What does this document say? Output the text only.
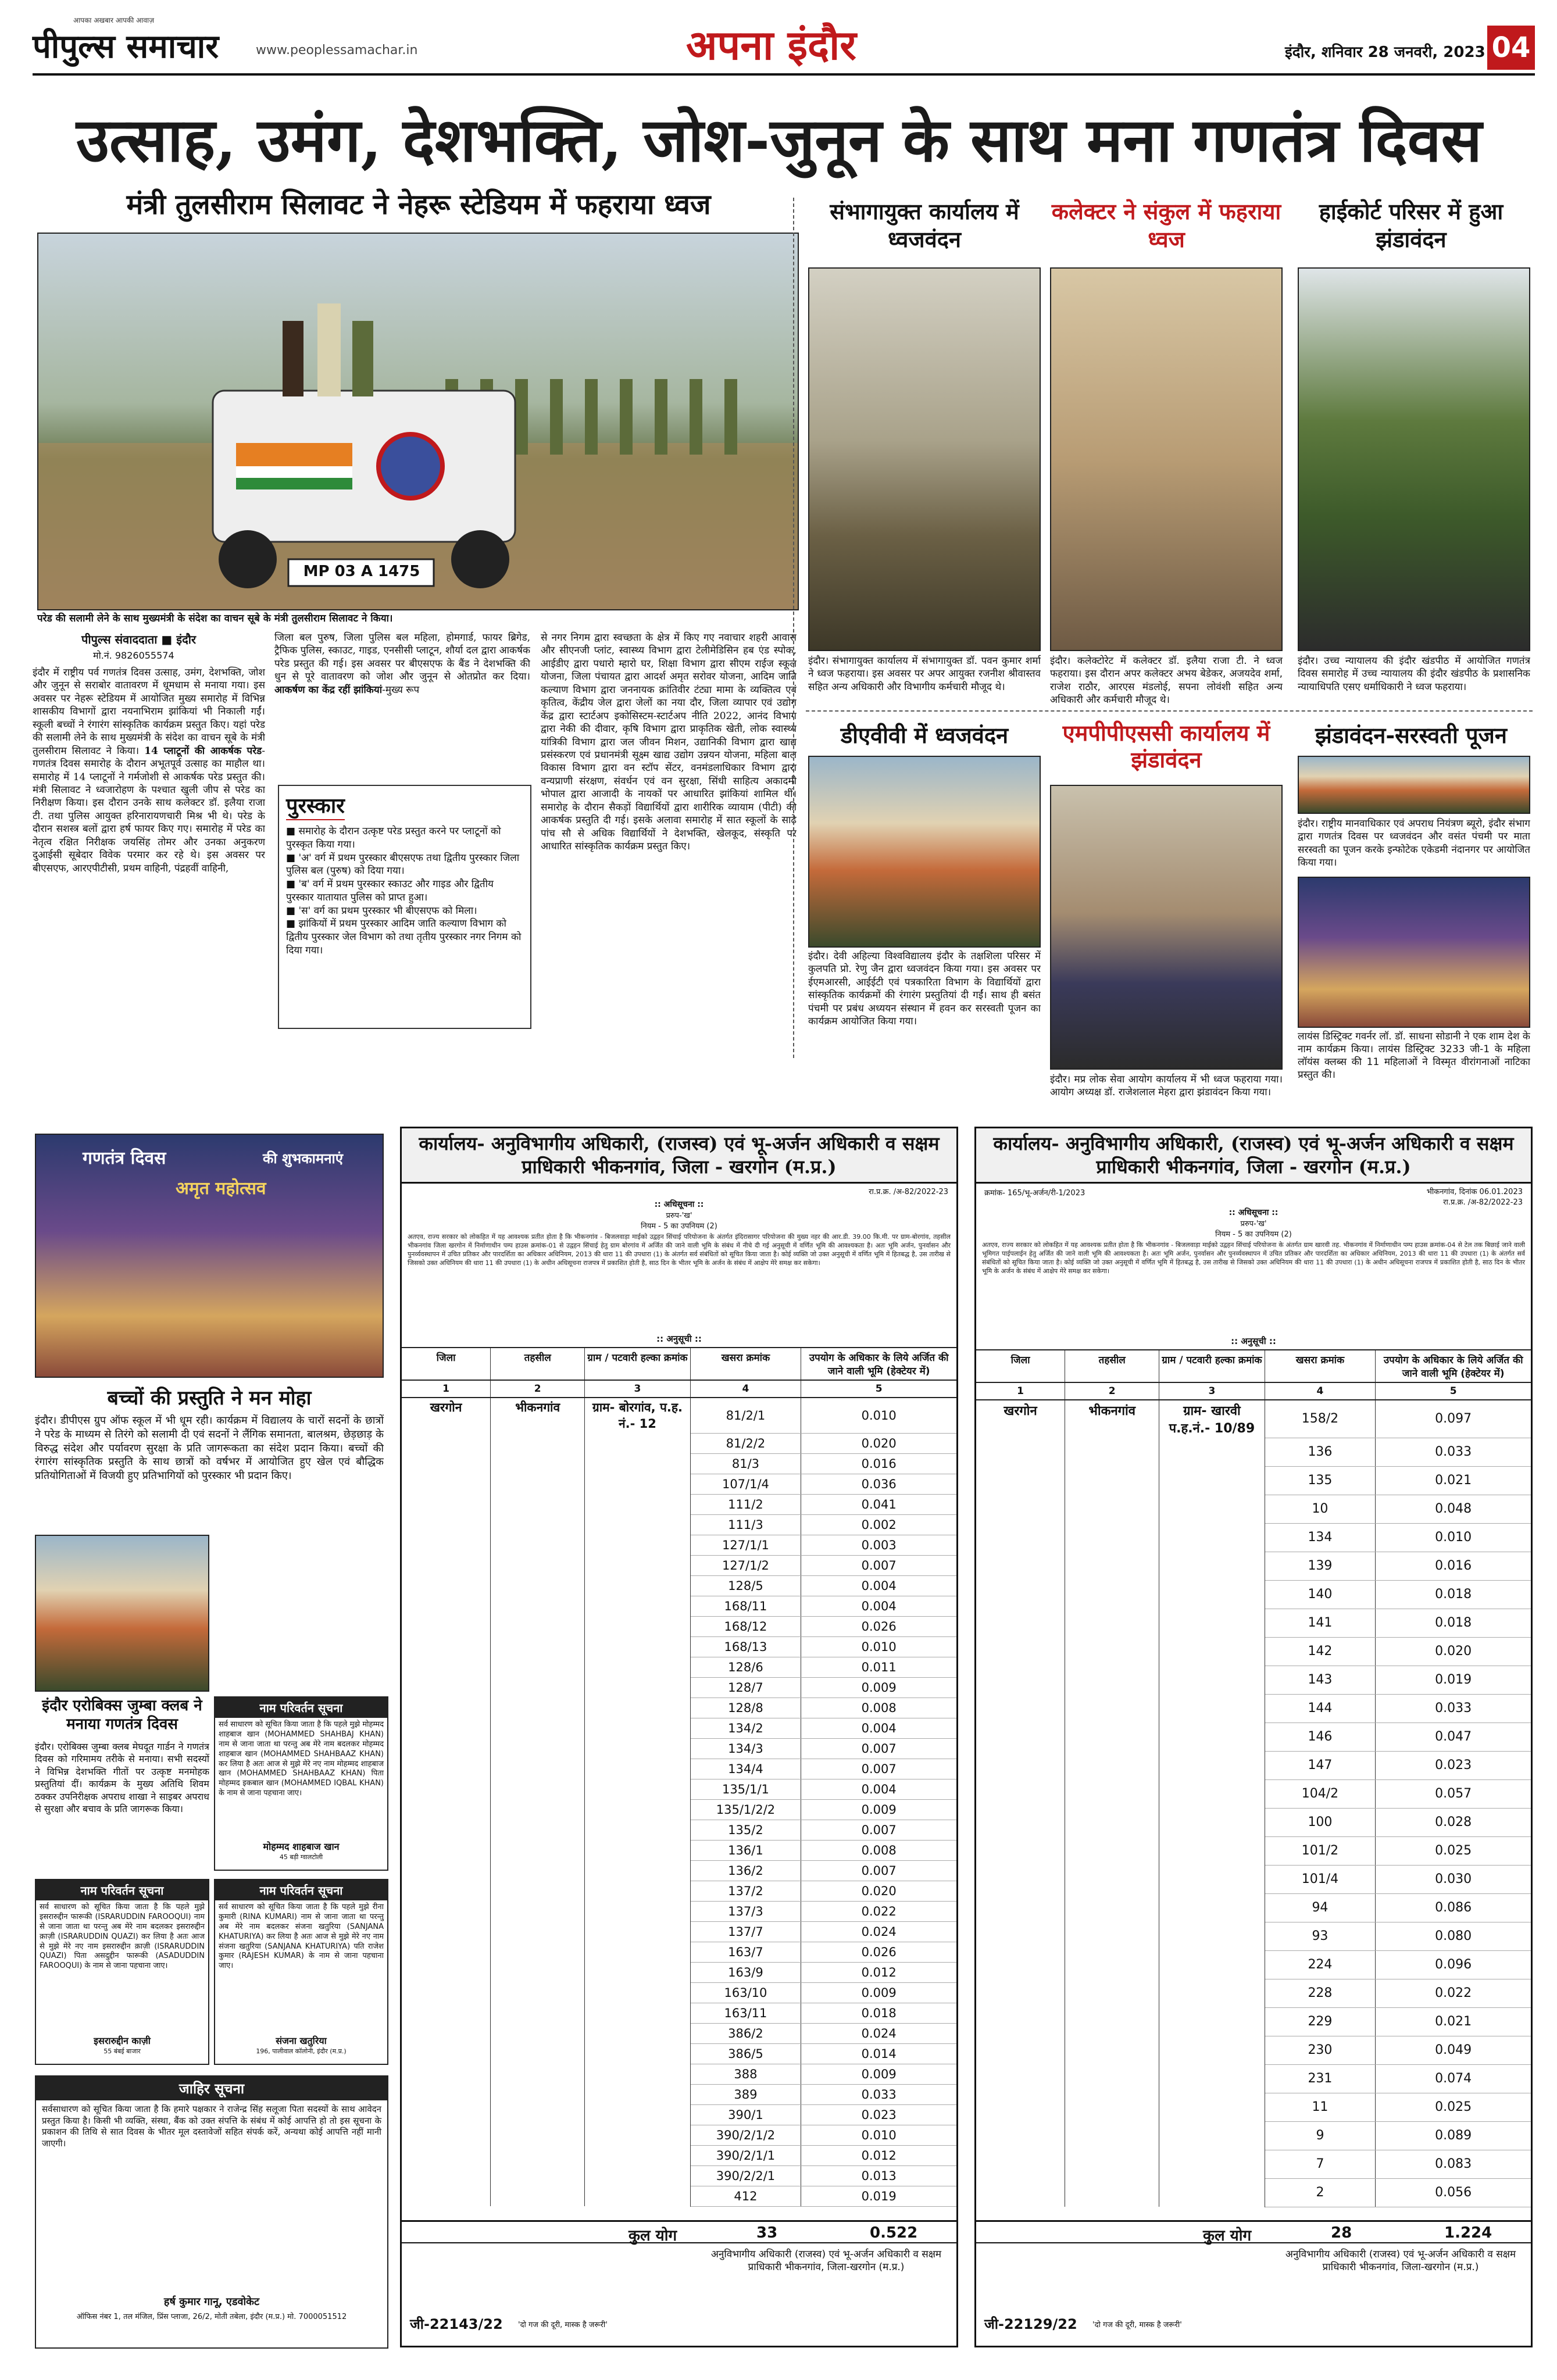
आपका अखबार आपकी आवाज़
पीपुल्स समाचार	www.peoplessamachar.in	अपना इंदौर	इंदौर, शनिवार 28 जनवरी, 2023 04
उत्साह, उमंग, देशभक्ति, जोश-जुनून के साथ मना गणतंत्र दिवस
मंत्री तुलसीराम सिलावट ने नेहरू स्टेडियम में फहराया ध्वज
MP 03 A 1475
परेड की सलामी लेने के साथ मुख्यमंत्री के संदेश का वाचन सूबे के मंत्री तुलसीराम सिलावट ने किया।
पीपुल्स संवाददाता ■ इंदौर
मो.नं. 9826055574
इंदौर में राष्ट्रीय पर्व गणतंत्र दिवस उत्साह, उमंग, देशभक्ति, जोश और जुनून से सराबोर वातावरण में धूमधाम से मनाया गया। इस अवसर पर नेहरू स्टेडियम में आयोजित मुख्य समारोह में विभिन्न शासकीय विभागों द्वारा नयनाभिराम झांकियां भी निकाली गईं। स्कूली बच्चों ने रंगारंग सांस्कृतिक कार्यक्रम प्रस्तुत किए। यहां परेड की सलामी लेने के साथ मुख्यमंत्री के संदेश का वाचन सूबे के मंत्री तुलसीराम सिलावट ने किया। 14 प्लाटूनों की आकर्षक परेड- गणतंत्र दिवस समारोह के दौरान अभूतपूर्व उत्साह का माहौल था। समारोह में 14 प्लाटूनों ने गर्मजोशी से आकर्षक परेड प्रस्तुत की। मंत्री सिलावट ने ध्वजारोहण के पश्चात खुली जीप से परेड का निरीक्षण किया। इस दौरान उनके साथ कलेक्टर डॉ. इलैया राजा टी. तथा पुलिस आयुक्त हरिनारायणचारी मिश्र भी थे। परेड के दौरान सशस्त्र बलों द्वारा हर्ष फायर किए गए। समारोह में परेड का नेतृत्व रक्षित निरीक्षक जयसिंह तोमर और उनका अनुकरण दुआईसी सूबेदार विवेक परमार कर रहे थे। इस अवसर पर बीएसएफ, आरएपीटीसी, प्रथम वाहिनी, पंद्रहवीं वाहिनी,
जिला बल पुरुष, जिला पुलिस बल महिला, होमगार्ड, फायर ब्रिगेड, ट्रैफिक पुलिस, स्काउट, गाइड, एनसीसी प्लाटून, शौर्या दल द्वारा आकर्षक परेड प्रस्तुत की गई। इस अवसर पर बीएसएफ के बैंड ने देशभक्ति की धुन से पूरे वातावरण को जोश और जुनून से ओतप्रोत कर दिया। आकर्षण का केंद्र रहीं झांकियां-मुख्य रूप
पुरस्कार
■ समारोह के दौरान उत्कृष्ट परेड प्रस्तुत करने पर प्लाटूनों को पुरस्कृत किया गया।
■ 'अ' वर्ग में प्रथम पुरस्कार बीएसएफ तथा द्वितीय पुरस्कार जिला पुलिस बल (पुरुष) को दिया गया।
■ 'ब' वर्ग में प्रथम पुरस्कार स्काउट और गाइड और द्वितीय पुरस्कार यातायात पुलिस को प्राप्त हुआ।
■ 'स' वर्ग का प्रथम पुरस्कार भी बीएसएफ को मिला।
■ झांकियों में प्रथम पुरस्कार आदिम जाति कल्याण विभाग को द्वितीय पुरस्कार जेल विभाग को तथा तृतीय पुरस्कार नगर निगम को दिया गया।
से नगर निगम द्वारा स्वच्छता के क्षेत्र में किए गए नवाचार शहरी आवास और सीएनजी प्लांट, स्वास्थ्य विभाग द्वारा टेलीमेडिसिन हब एंड स्पोक, आईडीए द्वारा पधारो म्हारो घर, शिक्षा विभाग द्वारा सीएम राईज स्कूल योजना, जिला पंचायत द्वारा आदर्श अमृत सरोवर योजना, आदिम जाति कल्याण विभाग द्वारा जननायक क्रांतिवीर टंट्या मामा के व्यक्तित्व एवं कृतित्व, केंद्रीय जेल द्वारा जेलों का नया दौर, जिला व्यापार एवं उद्योग केंद्र द्वारा स्टार्टअप इकोसिस्टम-स्टार्टअप नीति 2022, आनंद विभाग द्वारा नेकी की दीवार, कृषि विभाग द्वारा प्राकृतिक खेती, लोक स्वास्थ्य यांत्रिकी विभाग द्वारा जल जीवन मिशन, उद्यानिकी विभाग द्वारा खाद्य प्रसंस्करण एवं प्रधानमंत्री सूक्ष्म खाद्य उद्योग उन्नयन योजना, महिला बाल विकास विभाग द्वारा वन स्टॉप सेंटर, वनमंडलाधिकार विभाग द्वारा वन्यप्राणी संरक्षण, संवर्धन एवं वन सुरक्षा, सिंधी साहित्य अकादमी भोपाल द्वारा आजादी के नायकों पर आधारित झांकियां शामिल थीं। समारोह के दौरान सैकड़ों विद्यार्थियों द्वारा शारीरिक व्यायाम (पीटी) की आकर्षक प्रस्तुति दी गई। इसके अलावा समारोह में सात स्कूलों के साढ़े पांच सौ से अधिक विद्यार्थियों ने देशभक्ति, खेलकूद, संस्कृति पर आधारित सांस्कृतिक कार्यक्रम प्रस्तुत किए।
संभागायुक्त कार्यालय में ध्वजवंदन
इंदौर। संभागायुक्त कार्यालय में संभागायुक्त डॉ. पवन कुमार शर्मा ने ध्वज फहराया। इस अवसर पर अपर आयुक्त रजनीश श्रीवास्तव सहित अन्य अधिकारी और विभागीय कर्मचारी मौजूद थे।
कलेक्टर ने संकुल में फहराया ध्वज
इंदौर। कलेक्टोरेट में कलेक्टर डॉ. इलैया राजा टी. ने ध्वज फहराया। इस दौरान अपर कलेक्टर अभय बेडेकर, अजयदेव शर्मा, राजेश राठौर, आरएस मंडलोई, सपना लोवंशी सहित अन्य अधिकारी और कर्मचारी मौजूद थे।
हाईकोर्ट परिसर में हुआ झंडावंदन
इंदौर। उच्च न्यायालय की इंदौर खंडपीठ में आयोजित गणतंत्र दिवस समारोह में उच्च न्यायालय की इंदौर खंडपीठ के प्रशासनिक न्यायाधिपति एसए धर्माधिकारी ने ध्वज फहराया।
डीएवीवी में ध्वजवंदन
इंदौर। देवी अहिल्या विश्वविद्यालय इंदौर के तक्षशिला परिसर में कुलपति प्रो. रेणु जैन द्वारा ध्वजवंदन किया गया। इस अवसर पर ईएमआरसी, आईईटी एवं पत्रकारिता विभाग के विद्यार्थियों द्वारा सांस्कृतिक कार्यक्रमों की रंगारंग प्रस्तुतियां दी गईं। साथ ही बसंत पंचमी पर प्रबंध अध्ययन संस्थान में हवन कर सरस्वती पूजन का कार्यक्रम आयोजित किया गया।
एमपीपीएससी कार्यालय में झंडावंदन
इंदौर। मप्र लोक सेवा आयोग कार्यालय में भी ध्वज फहराया गया। आयोग अध्यक्ष डॉ. राजेशलाल मेहरा द्वारा झंडावंदन किया गया।
झंडावंदन-सरस्वती पूजन
इंदौर। राष्ट्रीय मानवाधिकार एवं अपराध नियंत्रण ब्यूरो, इंदौर संभाग द्वारा गणतंत्र दिवस पर ध्वजवंदन और वसंत पंचमी पर माता सरस्वती का पूजन करके इन्फोटेक एकेडमी नंदानगर पर आयोजित किया गया।
लायंस डिस्ट्रिक्ट गवर्नर लॉ. डॉ. साधना सोडानी ने एक शाम देश के नाम कार्यक्रम किया। लायंस डिस्ट्रिक्ट 3233 जी-1 के महिला लॉयंस क्लब्स की 11 महिलाओं ने विस्मृत वीरांगनाओं नाटिका प्रस्तुत की।
गणतंत्र दिवस	की शुभकामनाएं
अमृत महोत्सव
बच्चों की प्रस्तुति ने मन मोहा
इंदौर। डीपीएस ग्रुप ऑफ स्कूल में भी धूम रही। कार्यक्रम में विद्यालय के चारों सदनों के छात्रों ने परेड के माध्यम से तिरंगे को सलामी दी एवं सदनों ने लैंगिक समानता, बालश्रम, छेड़छाड़ के विरुद्ध संदेश और पर्यावरण सुरक्षा के प्रति जागरूकता का संदेश प्रदान किया। बच्चों की रंगारंग सांस्कृतिक प्रस्तुति के साथ छात्रों को वर्षभर में आयोजित हुए खेल एवं बौद्धिक प्रतियोगिताओं में विजयी हुए प्रतिभागियों को पुरस्कार भी प्रदान किए।
इंदौर एरोबिक्स जुम्बा क्लब ने मनाया गणतंत्र दिवस
इंदौर। एरोबिक्स जुम्बा क्लब मेघदूत गार्डन ने गणतंत्र दिवस को गरिमामय तरीके से मनाया। सभी सदस्यों ने विभिन्न देशभक्ति गीतों पर उत्कृष्ट मनमोहक प्रस्तुतियां दीं। कार्यक्रम के मुख्य अतिथि शिवम ठक्कर उपनिरीक्षक अपराध शाखा ने साइबर अपराध से सुरक्षा और बचाव के प्रति जागरूक किया।
नाम परिवर्तन सूचना
सर्व साधारण को सूचित किया जाता है कि पहले मुझे मोहम्मद शाहबाज खान (MOHAMMED SHAHBAJ KHAN) नाम से जाना जाता था परन्तु अब मेरे नाम बदलकर मोहम्मद शाहबाज खान (MOHAMMED SHAHBAAZ KHAN) कर लिया है अतः आज से मुझे मेरे नए नाम मोहम्मद शाहबाज खान (MOHAMMED SHAHBAAZ KHAN) पिता मोहम्मद इकबाल खान (MOHAMMED IQBAL KHAN) के नाम से जाना पहचाना जाए।
मोहम्मद शाहबाज खान
45 बड़ी ग्वालटोली
नाम परिवर्तन सूचना
सर्व साधारण को सूचित किया जाता है कि पहले मुझे इसरारुद्दीन फारूकी (ISRARUDDIN FAROOQUI) नाम से जाना जाता था परन्तु अब मेरे नाम बदलकर इसरारुद्दीन क़ाज़ी (ISRARUDDIN QUAZI) कर लिया है अतः आज से मुझे मेरे नए नाम इसरारुद्दीन क़ाज़ी (ISRARUDDIN QUAZI) पिता असदुद्दीन फारूकी (ASADUDDIN FAROOQUI) के नाम से जाना पहचाना जाए।
इसरारुद्दीन काज़ी
55 बंबई बाजार
नाम परिवर्तन सूचना
सर्व साधारण को सूचित किया जाता है कि पहले मुझे रीना कुमारी (RINA KUMARI) नाम से जाना जाता था परन्तु अब मेरे नाम बदलकर संजना खतुरिया (SANJANA KHATURIYA) कर लिया है अतः आज से मुझे मेरे नए नाम संजना खतुरिया (SANJANA KHATURIYA) पति राजेश कुमार (RAJESH KUMAR) के नाम से जाना पहचाना जाए।
संजना खतुरिया
196, पालीवाल कॉलोनी, इंदौर (म.प्र.)
जाहिर सूचना
सर्वसाधारण को सूचित किया जाता है कि हमारे पक्षकार ने राजेन्द्र सिंह सलूजा पिता सदस्यों के साथ आवेदन प्रस्तुत किया है। किसी भी व्यक्ति, संस्था, बैंक को उक्त संपत्ति के संबंध में कोई आपत्ति हो तो इस सूचना के प्रकाशन की तिथि से सात दिवस के भीतर मूल दस्तावेजों सहित संपर्क करें, अन्यथा कोई आपत्ति नहीं मानी जाएगी।
हर्ष कुमार गानू, एडवोकेट
ऑफिस नंबर 1, तल मंजिल, प्रिंस प्लाजा, 26/2, मोती तबेला, इंदौर (म.प्र.) मो. 7000051512
कार्यालय- अनुविभागीय अधिकारी, (राजस्व) एवं भू-अर्जन अधिकारी व सक्षम प्राधिकारी भीकनगांव, जिला - खरगोन (म.प्र.)
रा.प्र.क्र. /अ-82/2022-23
:: अधिसूचना ::
प्ररुप-'ख'
नियम - 5 का उपनियम (2)
अतएव, राज्य सरकार को लोकहित में यह आवश्यक प्रतीत होता है कि भीकनगांव - बिजलवाड़ा माईको उद्वहन सिंचाई परियोजना के अंतर्गत इंदिरासागर परियोजना की मुख्य नहर की आर.डी. 39.00 कि.मी. पर ग्राम-बोरगांव, तहसील भीकनगांव जिला खरगोन में निर्माणाधीन पम्प हाउस क्रमांक-01 से उद्वहन सिंचाई हेतु ग्राम बोरगांव में अर्जित की जाने वाली भूमि के संबंध में नीचे दी गई अनुसूची में वर्णित भूमि की आवश्यकता है। अतः भूमि अर्जन, पुनर्वासन और पुनर्व्यवस्थापन में उचित प्रतिकर और पारदर्शिता का अधिकार अधिनियम, 2013 की धारा 11 की उपधारा (1) के अंतर्गत सर्व संबंधितों को सूचित किया जाता है। कोई व्यक्ति जो उक्त अनुसूची में वर्णित भूमि में हितबद्ध है, उस तारीख से जिसको उक्त अधिनियम की धारा 11 की उपधारा (1) के अधीन अधिसूचना राजपत्र में प्रकाशित होती है, साठ दिन के भीतर भूमि के अर्जन के संबंध में आक्षेप मेरे समक्ष कर सकेगा।
:: अनुसूची ::
जिला	तहसील	ग्राम / पटवारी हल्का क्रमांक	खसरा क्रमांक	उपयोग के अधिकार के लिये अर्जित की जाने वाली भूमि (हेक्टेयर में)
1	2	3	4	5
खरगोन	भीकनगांव	ग्राम- बोरगांव, प.ह. नं.- 12	81/2/1	0.010
			81/2/2	0.020
			81/3	0.016
			107/1/4	0.036
			111/2	0.041
			111/3	0.002
			127/1/1	0.003
			127/1/2	0.007
			128/5	0.004
			168/11	0.004
			168/12	0.026
			168/13	0.010
			128/6	0.011
			128/7	0.009
			128/8	0.008
			134/2	0.004
			134/3	0.007
			134/4	0.007
			135/1/1	0.004
			135/1/2/2	0.009
			135/2	0.007
			136/1	0.008
			136/2	0.007
			137/2	0.020
			137/3	0.022
			137/7	0.024
			163/7	0.026
			163/9	0.012
			163/10	0.009
			163/11	0.018
			386/2	0.024
			386/5	0.014
			388	0.009
			389	0.033
			390/1	0.023
			390/2/1/2	0.010
			390/2/1/1	0.012
			390/2/2/1	0.013
			412	0.019
कुल योग	33	0.522
अनुविभागीय अधिकारी (राजस्व) एवं भू-अर्जन अधिकारी व सक्षम प्राधिकारी भीकनगांव, जिला-खरगोन (म.प्र.)
जी-22143/22 'दो गज की दूरी, मास्क है जरूरी'
कार्यालय- अनुविभागीय अधिकारी, (राजस्व) एवं भू-अर्जन अधिकारी व सक्षम प्राधिकारी भीकनगांव, जिला - खरगोन (म.प्र.)
क्रमांक- 165/भू-अर्जन/री-1/2023	भीकनगांव, दिनांक 06.01.2023
रा.प्र.क्र. /अ-82/2022-23
:: अधिसूचना ::
प्ररुप-'ख'
नियम - 5 का उपनियम (2)
अतएव, राज्य सरकार को लोकहित में यह आवश्यक प्रतीत होता है कि भीकनगांव - बिजलवाड़ा माईको उद्वहन सिंचाई परियोजना के अंतर्गत ग्राम खारवी तह. भीकनगांव में निर्माणाधीन पम्प हाउस क्रमांक-04 से टेल तक बिछाई जाने वाली भूमिगत पाईपलाईन हेतु अर्जित की जाने वाली भूमि की आवश्यकता है। अतः भूमि अर्जन, पुनर्वासन और पुनर्व्यवस्थापन में उचित प्रतिकर और पारदर्शिता का अधिकार अधिनियम, 2013 की धारा 11 की उपधारा (1) के अंतर्गत सर्व संबंधितों को सूचित किया जाता है। कोई व्यक्ति जो उक्त अनुसूची में वर्णित भूमि में हितबद्ध है, उस तारीख से जिसको उक्त अधिनियम की धारा 11 की उपधारा (1) के अधीन अधिसूचना राजपत्र में प्रकाशित होती है, साठ दिन के भीतर भूमि के अर्जन के संबंध में आक्षेप मेरे समक्ष कर सकेगा।
:: अनुसूची ::
जिला	तहसील	ग्राम / पटवारी हल्का क्रमांक	खसरा क्रमांक	उपयोग के अधिकार के लिये अर्जित की जाने वाली भूमि (हेक्टेयर में)
1	2	3	4	5
खरगोन	भीकनगांव	ग्राम- खारवी प.ह.नं.- 10/89	158/2	0.097
			136	0.033
			135	0.021
			10	0.048
			134	0.010
			139	0.016
			140	0.018
			141	0.018
			142	0.020
			143	0.019
			144	0.033
			146	0.047
			147	0.023
			104/2	0.057
			100	0.028
			101/2	0.025
			101/4	0.030
			94	0.086
			93	0.080
			224	0.096
			228	0.022
			229	0.021
			230	0.049
			231	0.074
			11	0.025
			9	0.089
			7	0.083
			2	0.056
कुल योग	28	1.224
अनुविभागीय अधिकारी (राजस्व) एवं भू-अर्जन अधिकारी व सक्षम प्राधिकारी भीकनगांव, जिला-खरगोन (म.प्र.)
जी-22129/22 'दो गज की दूरी, मास्क है जरूरी'
